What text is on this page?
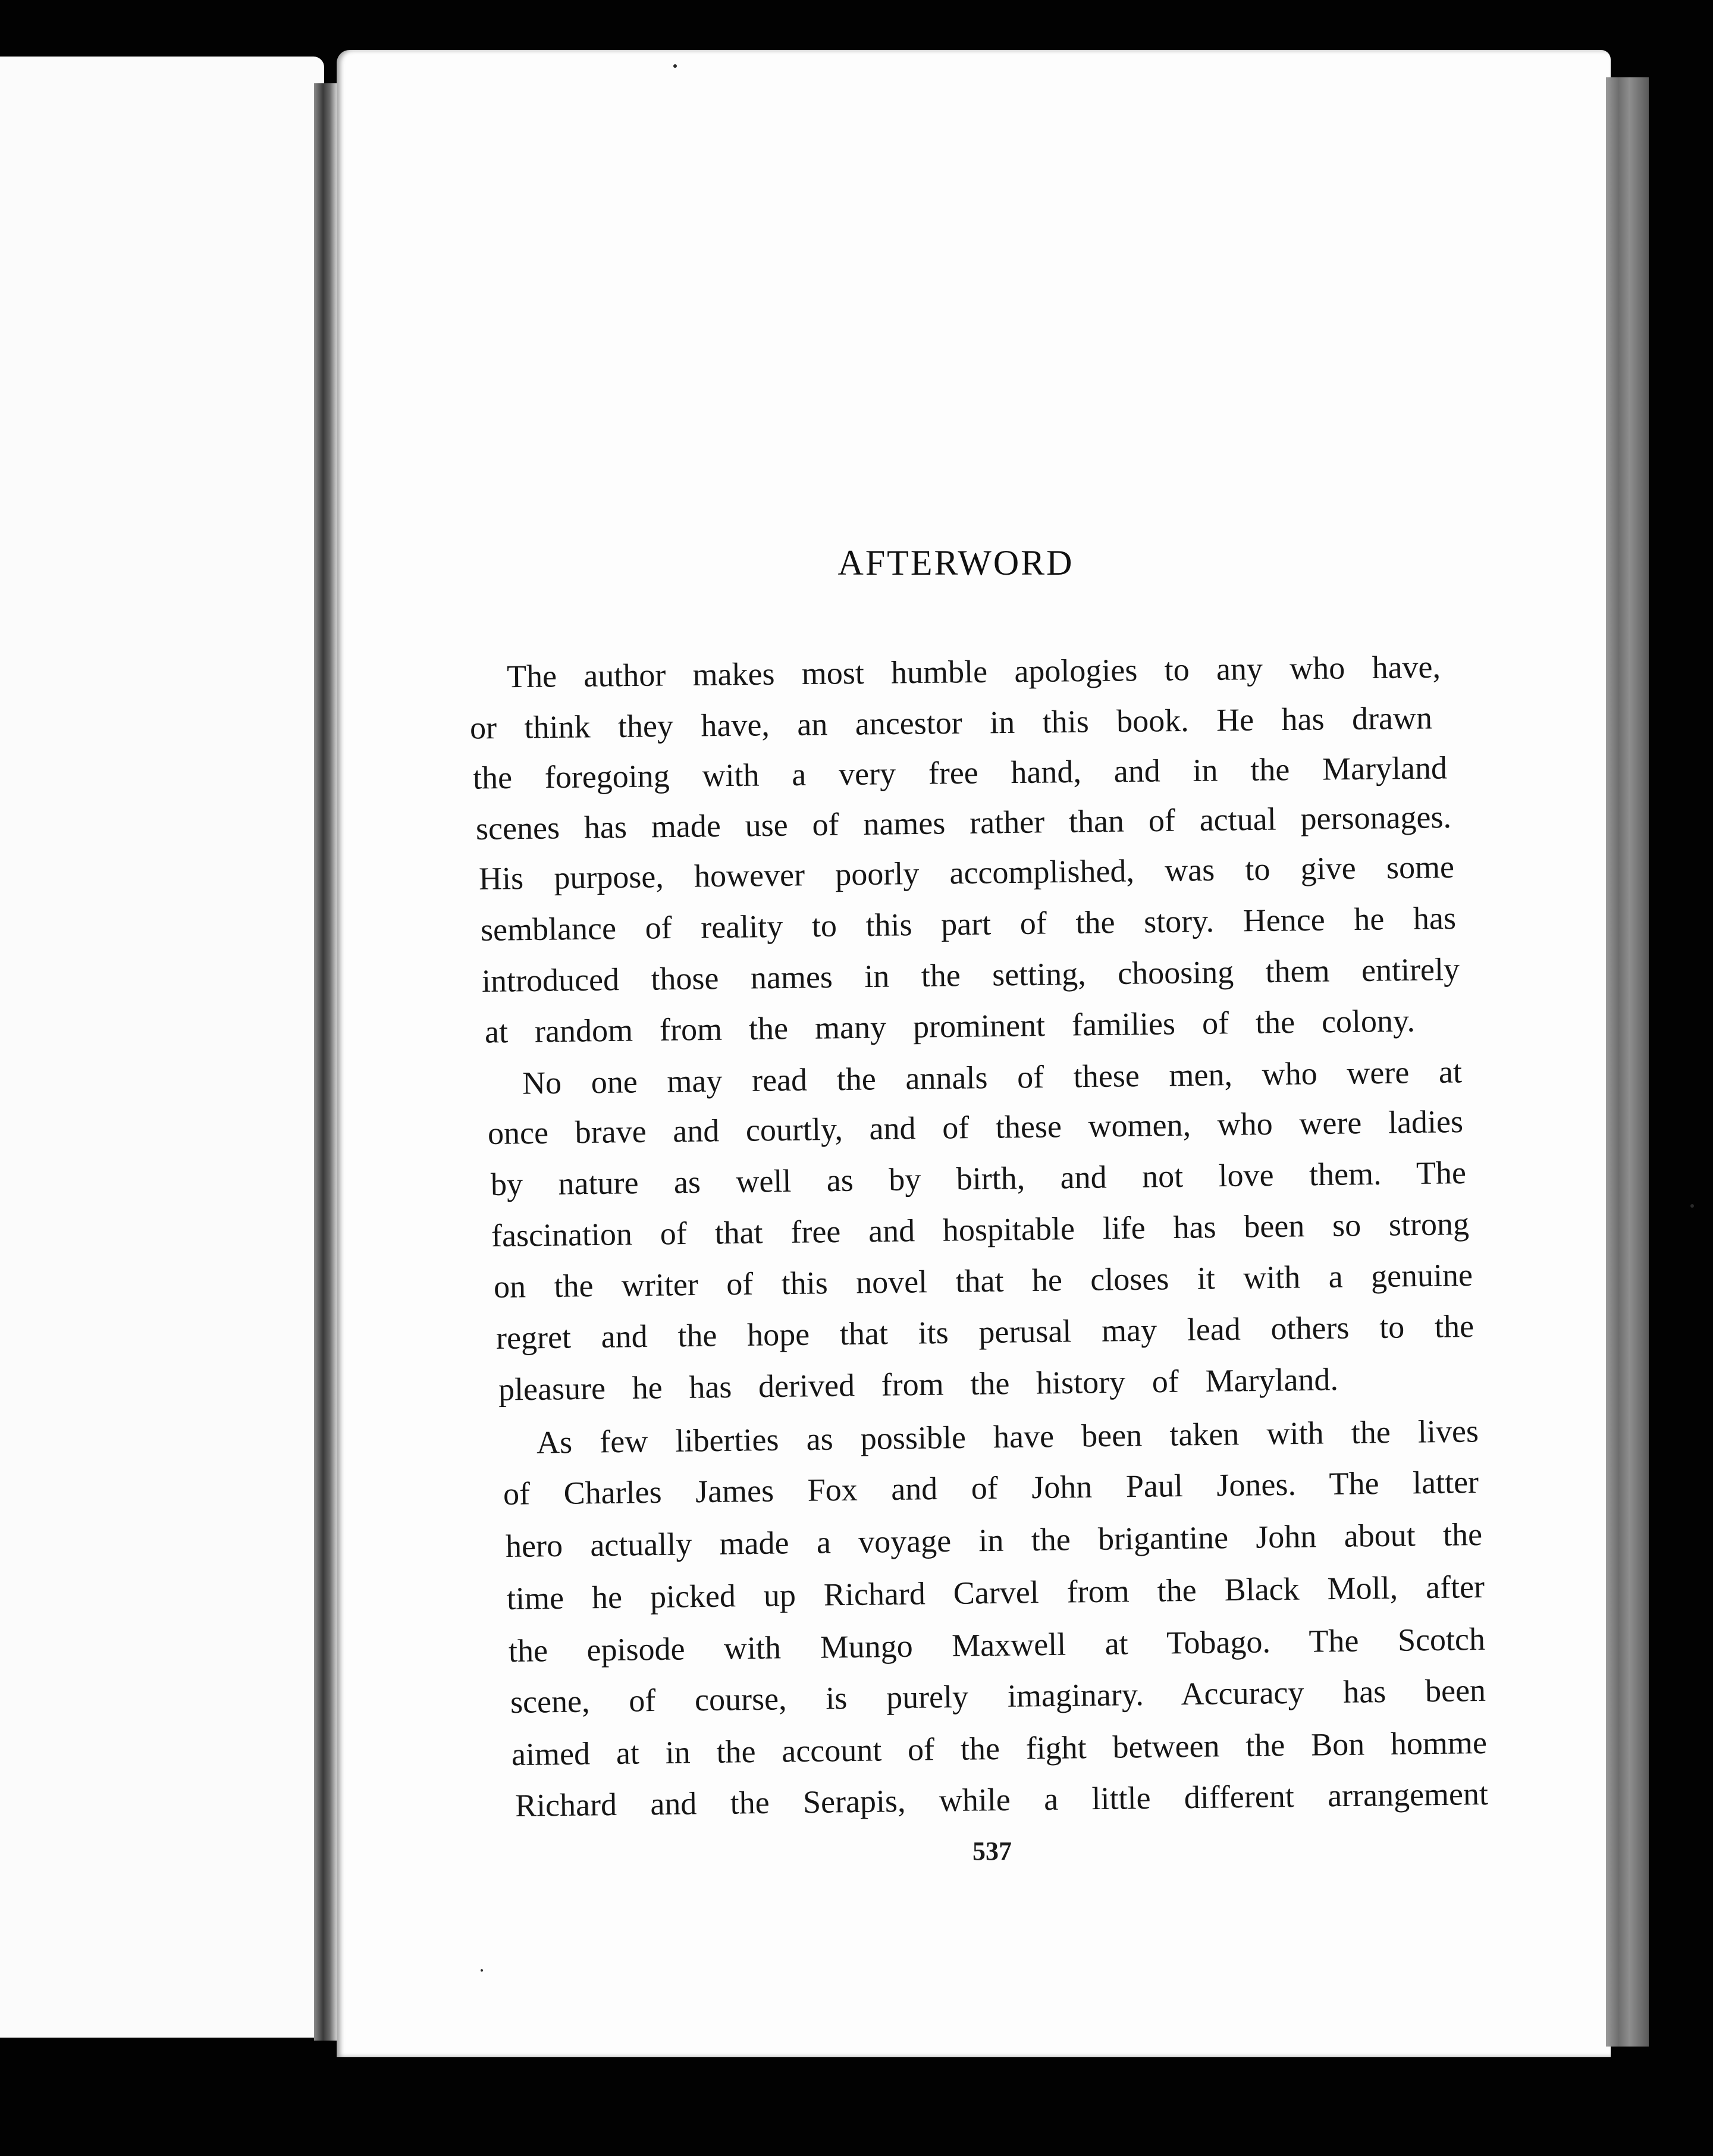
AFTERWORD

The author makes most humble apologies to any who have,

or think they have, an ancestor in this book. He has drawn

the foregoing with a very free hand, and in the Maryland

scenes has made use of names rather than of actual personages.

His purpose, however poorly accomplished, was to give some

semblance of reality to this part of the story. Hence he has

introduced those names in the setting, choosing them entirely

at random from the many prominent families of the colony.

No one may read the annals of these men, who were at

once brave and courtly, and of these women, who were ladies

by nature as well as by birth, and not love them. The

fascination of that free and hospitable life has been so strong

on the writer of this novel that he closes it with a genuine

regret and the hope that its perusal may lead others to the

pleasure he has derived from the history of Maryland.

As few liberties as possible have been taken with the lives

of Charles James Fox and of John Paul Jones. The latter

hero actually made a voyage in the brigantine John about the

time he picked up Richard Carvel from the Black Moll, after

the episode with Mungo Maxwell at Tobago. The Scotch

scene, of course, is purely imaginary. Accuracy has been

aimed at in the account of the fight between the Bon homme

Richard and the Serapis, while a little different arrangement

537
